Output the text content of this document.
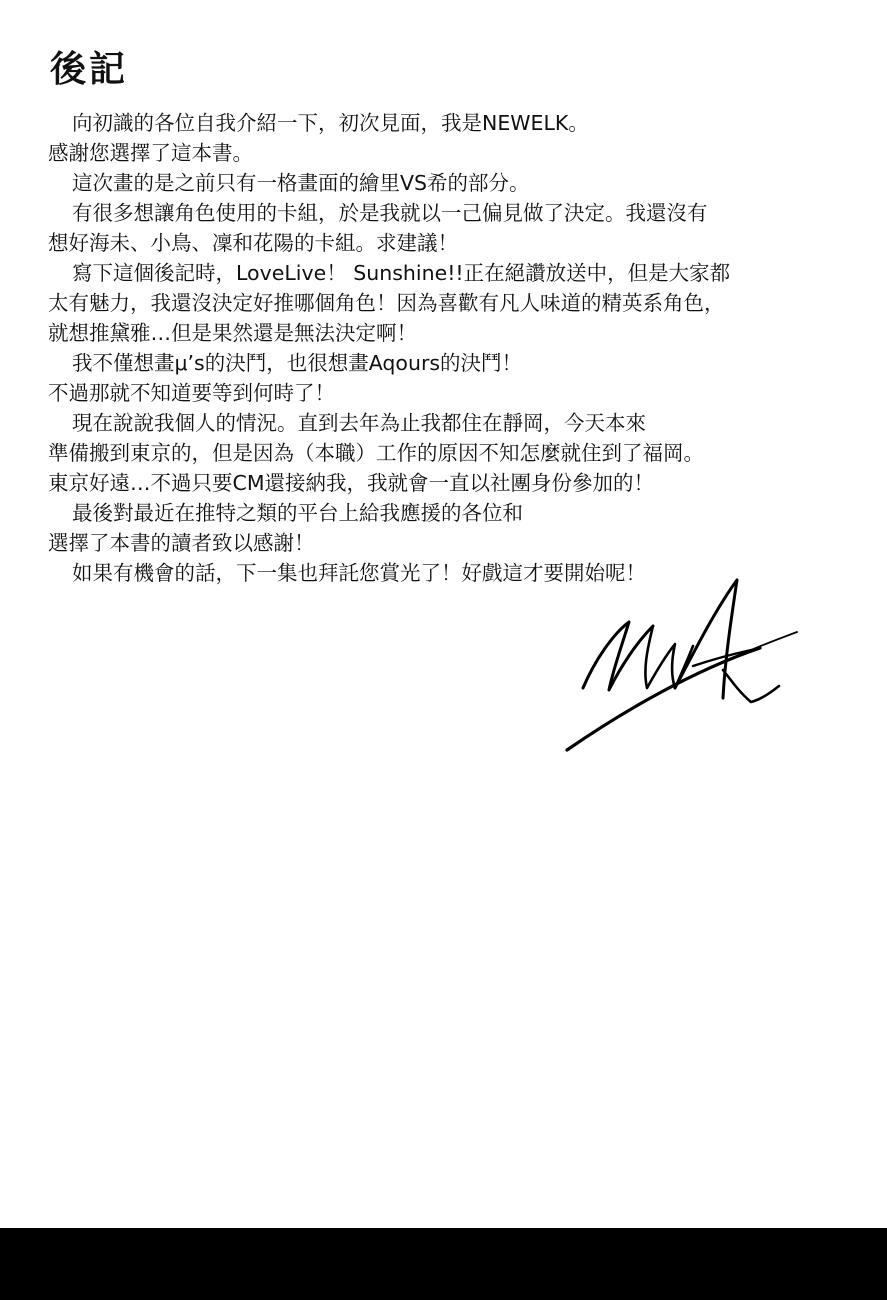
後記
向初識的各位自我介紹一下，初次見面，我是NEWELK。
感謝您選擇了這本書。
這次畫的是之前只有一格畫面的繪里VS希的部分。
有很多想讓角色使用的卡組，於是我就以一己偏見做了決定。我還沒有
想好海未、小鳥、凜和花陽的卡組。求建議！
寫下這個後記時，LoveLive！ Sunshine!!正在絕讚放送中，但是大家都
太有魅力，我還沒決定好推哪個角色！因為喜歡有凡人味道的精英系角色，
就想推黛雅…但是果然還是無法決定啊！
我不僅想畫μ’s的決鬥，也很想畫Aqours的決鬥！
不過那就不知道要等到何時了！
現在說說我個人的情況。直到去年為止我都住在靜岡，今天本來
準備搬到東京的，但是因為（本職）工作的原因不知怎麼就住到了福岡。
東京好遠…不過只要CM還接納我，我就會一直以社團身份參加的！
最後對最近在推特之類的平台上給我應援的各位和
選擇了本書的讀者致以感謝！
如果有機會的話，下一集也拜託您賞光了！好戲這才要開始呢！
